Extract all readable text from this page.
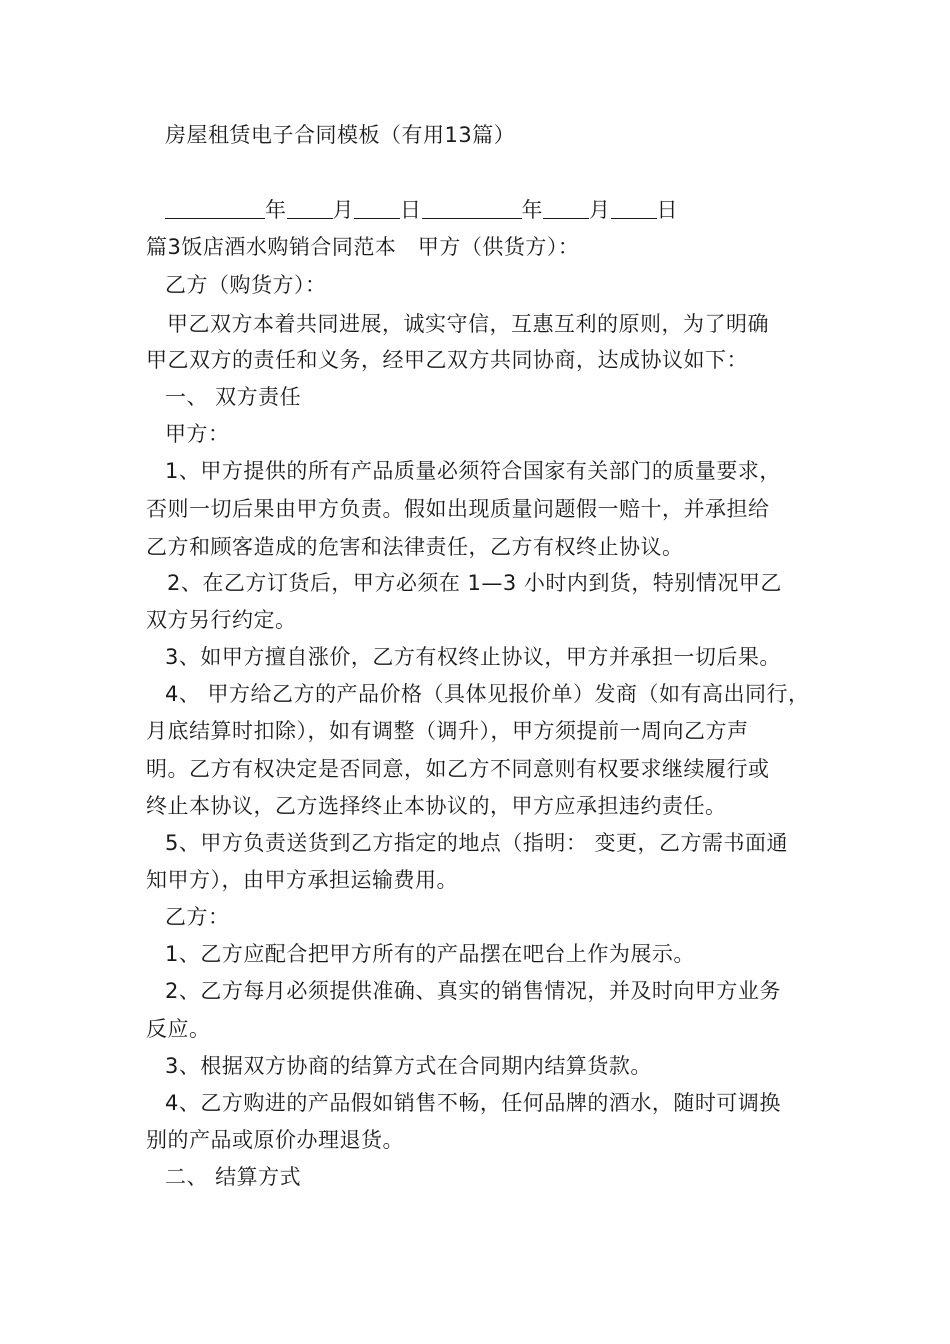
房屋租赁电子合同模板（有用13篇）
年 月 日	年 月 日
篇3饭店酒水购销合同范本　甲方（供货方）：
乙方（购货方）：
甲乙双方本着共同进展，诚实守信，互惠互利的原则，为了明确
甲乙双方的责任和义务，经甲乙双方共同协商，达成协议如下：
一、 双方责任
甲方：
1、甲方提供的所有产品质量必须符合国家有关部门的质量要求，
否则一切后果由甲方负责。假如出现质量问题假一赔十，并承担给
乙方和顾客造成的危害和法律责任，乙方有权终止协议。
2、在乙方订货后，甲方必须在 1—3 小时内到货，特别情况甲乙
双方另行约定。
3、如甲方擅自涨价，乙方有权终止协议，甲方并承担一切后果。
4、 甲方给乙方的产品价格（具体见报价单）发商（如有高出同行，
月底结算时扣除），如有调整（调升），甲方须提前一周向乙方声
明。乙方有权决定是否同意，如乙方不同意则有权要求继续履行或
终止本协议，乙方选择终止本协议的，甲方应承担违约责任。
5、甲方负责送货到乙方指定的地点（指明： 变更，乙方需书面通
知甲方），由甲方承担运输费用。
乙方：
1、乙方应配合把甲方所有的产品摆在吧台上作为展示。
2、乙方每月必须提供准确、真实的销售情况，并及时向甲方业务
反应。
3、根据双方协商的结算方式在合同期内结算货款。
4、乙方购进的产品假如销售不畅，任何品牌的酒水，随时可调换
别的产品或原价办理退货。
二、 结算方式
